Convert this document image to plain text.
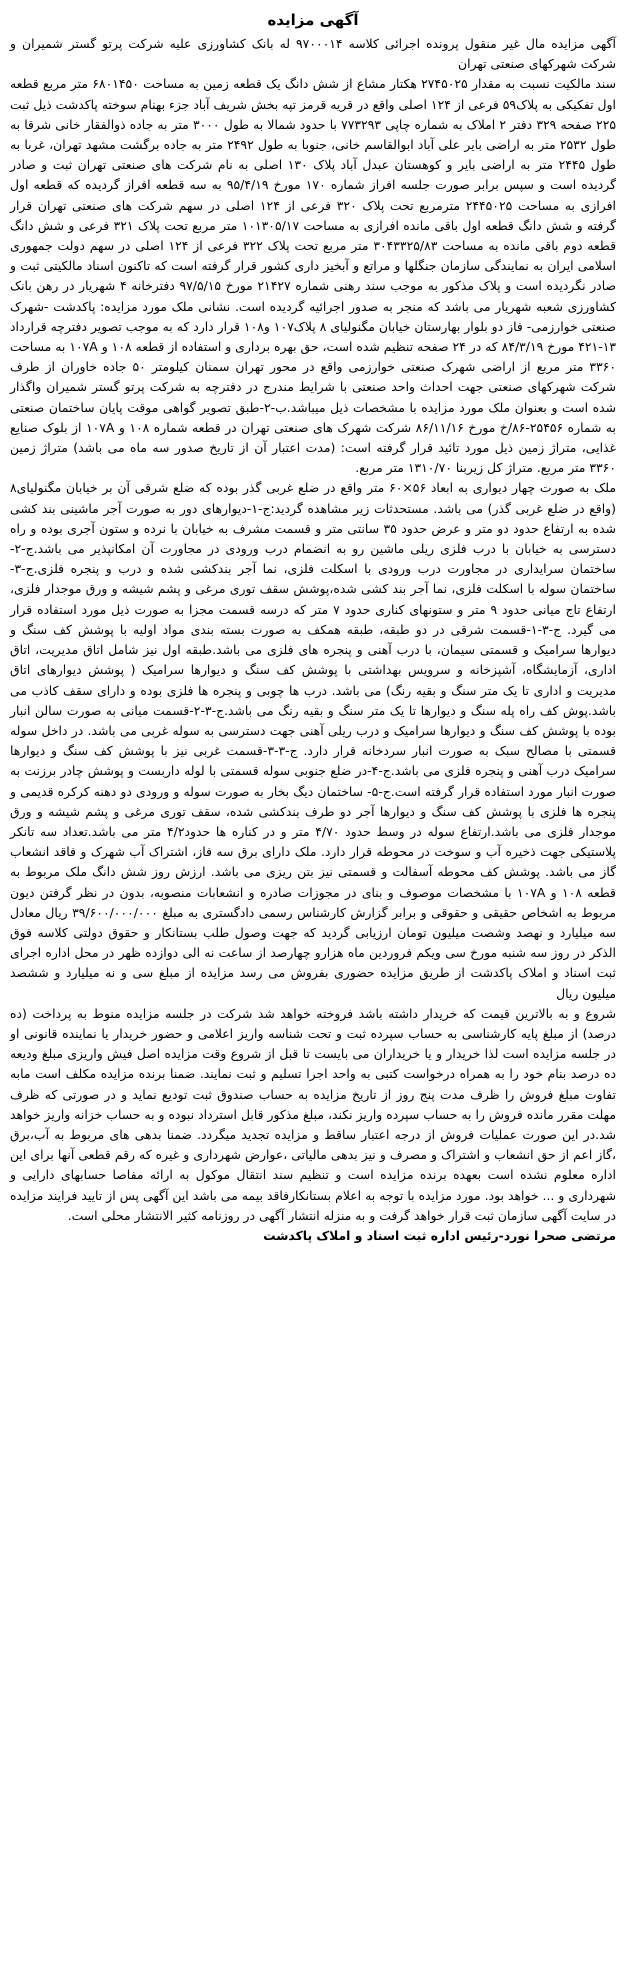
آگهی مزایده

آگهی مزایده مال غیر منقول پرونده اجرائی کلاسه ۹۷۰۰۰۱۴ له بانک کشاورزی علیه شرکت پرتو گستر شمیران و شرکت شهرکهای صنعتی تهران

سند مالکیت نسبت به مقدار ۲۷۴۵۰۲۵ هکتار مشاع از شش دانگ یک قطعه زمین به مساحت ۶۸۰۱۴۵۰ متر مربع قطعه اول تفکیکی به پلاک۵۹ فرعی از ۱۲۴ اصلی واقع در قریه قرمز تپه بخش شریف آباد جزء بهنام سوخته پاکدشت ذیل ثبت ۲۲۵ صفحه ۳۲۹ دفتر ۲ املاک به شماره چاپی ۷۷۳۲۹۳ با حدود شمالا به طول ۳۰۰۰ متر به جاده ذوالفقار خانی شرقا به طول ۲۵۳۲ متر به اراضی بایر علی آباد ابوالقاسم خانی، جنوبا به طول ۲۴۹۲ متر به جاده برگشت مشهد تهران، غربا به طول ۲۴۴۵ متر به اراضی بایر و کوهستان عبدل آباد پلاک ۱۳۰ اصلی به نام شرکت های صنعتی تهران ثبت و صادر گردیده است و سپس برابر صورت جلسه افراز شماره ۱۷۰ مورخ ۹۵/۴/۱۹ به سه قطعه افراز گردیده که قطعه اول افرازی به مساحت ۲۴۴۵۰۲۵ مترمربع تحت پلاک ۳۲۰ فرعی از ۱۲۴ اصلی در سهم شرکت های صنعتی تهران قرار گرفته و شش دانگ قطعه اول باقی مانده افرازی به مساحت ۱۰۱۳۰۵/۱۷ متر مربع تحت پلاک ۳۲۱ فرعی و شش دانگ قطعه دوم باقی مانده به مساحت ۳۰۴۳۳۲۵/۸۳ متر مربع تحت پلاک ۳۲۲ فرعی از ۱۲۴ اصلی در سهم دولت جمهوری اسلامی ایران به نمایندگی سازمان جنگلها و مراتع و آبخیز داری کشور قرار گرفته است که تاکنون اسناد مالکیتی ثبت و صادر نگردیده است و پلاک مذکور به موجب سند رهنی شماره ۲۱۴۲۷ مورخ ۹۷/۵/۱۵ دفترخانه ۴ شهریار در رهن بانک کشاورزی شعبه شهریار می باشد که منجر به صدور اجرائیه گردیده است. نشانی ملک مورد مزایده: پاکدشت -شهرک صنعتی خوارزمی- فاز دو بلوار بهارستان خیابان مگنولیای ۸ پلاک۱۰۷ و۱۰۸ قرار دارد که به موجب تصویر دفترچه قرارداد ۱۳-۴۲۱ مورخ ۸۴/۳/۱۹ که در ۲۴ صفحه تنظیم شده است، حق بهره برداری و استفاده از قطعه ۱۰۸ و ۱۰۷A به مساحت ۳۳۶۰ متر مربع از اراضی شهرک صنعتی خوارزمی واقع در محور تهران سمنان کیلومتر ۵۰ جاده خاوران از طرف شرکت شهرکهای صنعتی جهت احداث واحد صنعتی با شرایط مندرج در دفترچه به شرکت پرتو گستر شمیران واگذار شده است و بعنوان ملک مورد مزایده با مشخصات ذیل میباشد.ب-۲-طبق تصویر گواهی موقت پایان ساختمان صنعتی به شماره ۲۵۴۵۶-۸۶/خ مورخ ۸۶/۱۱/۱۶ شرکت شهرک های صنعتی تهران در قطعه شماره ۱۰۸ و ۱۰۷A از بلوک صنایع غذایی، متراژ زمین ذیل مورد تائید قرار گرفته است: (مدت اعتبار آن از تاریخ صدور سه ماه می باشد) متراژ زمین ۳۳۶۰ متر مربع. متراژ کل زیربنا ۱۳۱۰/۷۰ متر مربع.

ملک به صورت چهار دیواری به ابعاد ۵۶×۶۰ متر واقع در ضلع غربی گذر بوده که ضلع شرقی آن بر خیابان مگنولیای۸ (واقع در ضلع غربی گذر) می باشد. مستحدثات زیر مشاهده گردید:ج-۱-دیوارهای دور به صورت آجر ماشینی بند کشی شده به ارتفاع حدود دو متر و عرض حدود ۳۵ سانتی متر و قسمت مشرف به خیابان با نرده و ستون آجری بوده و راه دسترسی به خیابان با درب فلزی ریلی ماشین رو به انضمام درب ورودی در مجاورت آن امکانپذیر می باشد.ج-۲-ساختمان سرایداری در مجاورت درب ورودی با اسکلت فلزی، نما آجر بندکشی شده و درب و پنجره فلزی.ج-۳-ساختمان سوله با اسکلت فلزی، نما آجر بند کشی شده،پوشش سقف توری مرغی و پشم شیشه و ورق موجدار فلزی، ارتفاع تاج میانی حدود ۹ متر و ستونهای کناری حدود ۷ متر که درسه قسمت مجزا به صورت ذیل مورد استفاده قرار می گیرد. ج-۳-۱-قسمت شرقی در دو طبقه، طبقه همکف به صورت بسته بندی مواد اولیه با پوشش کف سنگ و دیوارها سرامیک و قسمتی سیمان، با درب آهنی و پنجره های فلزی می باشد.طبقه اول نیز شامل اتاق مدیریت، اتاق اداری، آزمایشگاه، آشپزخانه و سرویس بهداشتی با پوشش کف سنگ و دیوارها سرامیک ( پوشش دیوارهای اتاق مدیریت و اداری تا یک متر سنگ و بقیه رنگ) می باشد. درب ها چوبی و پنجره ها فلزی بوده و دارای سقف کاذب می باشد.پوش کف راه پله سنگ و دیوارها تا یک متر سنگ و بقیه رنگ می باشد.ج-۳-۲-قسمت میانی به صورت سالن انبار بوده با پوشش کف سنگ و دیوارها سرامیک و درب ریلی آهنی جهت دسترسی به سوله غربی می باشد. در داخل سوله قسمتی با مصالح سبک به صورت انبار سردخانه قرار دارد. ج-۳-۳-قسمت غربی نیز با پوشش کف سنگ و دیوارها سرامیک درب آهنی و پنجره فلزی می باشد.ج-۴-در ضلع جنوبی سوله قسمتی با لوله داربست و پوشش چادر برزنت به صورت انبار مورد استفاده قرار گرفته است.ج-۵- ساختمان دیگ بخار به صورت سوله و ورودی دو دهنه کرکره قدیمی و پنجره ها فلزی با پوشش کف سنگ و دیوارها آجر دو طرف بندکشی شده، سقف توری مرغی و پشم شیشه و ورق موجدار فلزی می باشد.ارتفاع سوله در وسط حدود ۴/۷۰ متر و در کناره ها حدود۴/۲ متر می باشد.تعداد سه تانکر پلاستیکی جهت ذخیره آب و سوخت در محوطه قرار دارد. ملک دارای برق سه فاز، اشتراک آب شهرک و فاقد انشعاب گاز می باشد. پوشش کف محوطه آسفالت و قسمتی نیز بتن ریزی می باشد. ارزش روز شش دانگ ملک مربوط به قطعه ۱۰۸ و ۱۰۷A با مشخصات موصوف و بنای در مجوزات صادره و انشعابات منصوبه، بدون در نظر گرفتن دیون مربوط به اشخاص حقیقی و حقوقی و برابر گزارش کارشناس رسمی دادگستری به مبلغ ۳۹/۶۰۰/۰۰۰/۰۰۰ ریال معادل سه میلیارد و نهصد وشصت میلیون تومان ارزیابی گردید که جهت وصول طلب بستانکار و حقوق دولتی کلاسه فوق الذکر در روز سه شنبه مورخ سی ویکم فروردین ماه هزارو چهارصد از ساعت نه الی دوازده ظهر در محل اداره اجرای ثبت اسناد و املاک پاکدشت از طریق مزایده حضوری بفروش می رسد مزایده از مبلغ سی و نه میلیارد و ششصد میلیون ریال

شروع و به بالاترین قیمت که خریدار داشته باشد فروخته خواهد شد شرکت در جلسه مزایده منوط به پرداخت (ده درصد) از مبلغ پایه کارشناسی به حساب سپرده ثبت و تحت شناسه واریز اعلامی و حضور خریدار یا نماینده قانونی او در جلسه مزایده است لذا خریدار و یا خریداران می بایست تا قبل از شروع وقت مزایده اصل فیش واریزی مبلغ ودیعه ده درصد بنام خود را به همراه درخواست کتبی به واحد اجرا تسلیم و ثبت نمایند. ضمنا برنده مزایده مکلف است مابه تفاوت مبلغ فروش را ظرف مدت پنج روز از تاریخ مزایده به حساب صندوق ثبت تودیع نماید و در صورتی که ظرف مهلت مقرر مانده فروش را به حساب سپرده واریز نکند، مبلغ مذکور قابل استرداد نبوده و به حساب خزانه واریز خواهد شد.در این صورت عملیات فروش از درجه اعتبار ساقط و مزایده تجدید میگردد. ضمنا بدهی های مربوط به آب،برق ،گاز اعم از حق انشعاب و اشتراک و مصرف و نیز بدهی مالیاتی ،عوارض شهرداری و غیره که رقم قطعی آنها برای این اداره معلوم نشده است بعهده برنده مزایده است و تنظیم سند انتقال موکول به ارائه مفاصا حسابهای دارایی و شهرداری و ... خواهد بود. مورد مزایده با توجه به اعلام بستانکارفاقد بیمه می باشد این آگهی پس از تایید فرایند مزایده در سایت آگهی سازمان ثبت قرار خواهد گرفت و به منزله انتشار آگهی در روزنامه کثیر الانتشار محلی است.

مرتضی صحرا نورد-رئیس اداره ثبت اسناد و املاک پاکدشت
